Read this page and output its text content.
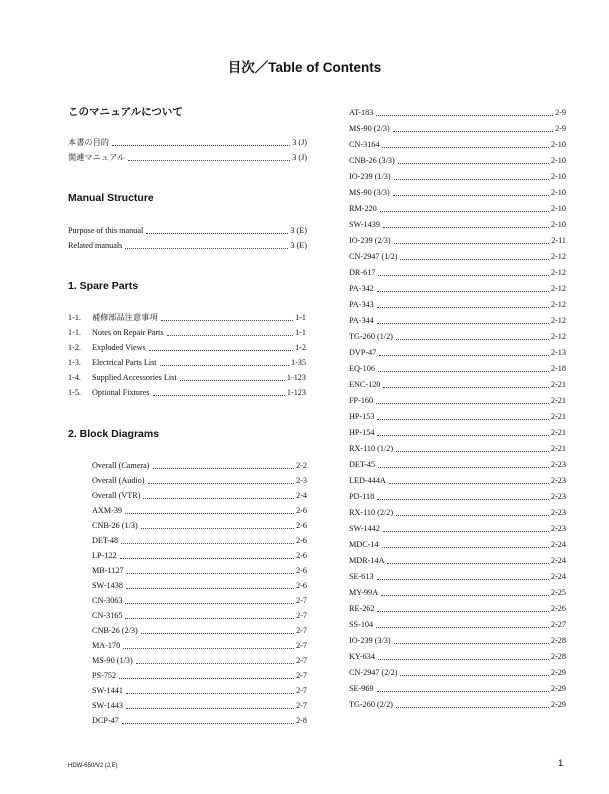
目次／Table of Contents
このマニュアルについて
本書の目的	3 (J)
関連マニュアル	3 (J)
Manual Structure
Purpose of this manual	3 (E)
Related manuals	3 (E)
1. Spare Parts
1-1.	補修部品注意事項	1-1
1-1.	Notes on Repair Parts	1-1
1-2.	Exploded Views	1-2
1-3.	Electrical Parts List	1-35
1-4.	Supplied Accessories List	1-123
1-5.	Optional Fixtures	1-123
2. Block Diagrams
Overall (Camera)	2-2
Overall (Audio)	2-3
Overall (VTR)	2-4
AXM-39	2-6
CNB-26 (1/3)	2-6
DET-48	2-6
LP-122	2-6
MB-1127	2-6
SW-1438	2-6
CN-3063	2-7
CN-3165	2-7
CNB-26 (2/3)	2-7
MA-170	2-7
MS-90 (1/3)	2-7
PS-752	2-7
SW-1441	2-7
SW-1443	2-7
DCP-47	2-8
AT-183	2-9
MS-90 (2/3)	2-9
CN-3164	2-10
CNB-26 (3/3)	2-10
IO-239 (1/3)	2-10
MS-90 (3/3)	2-10
RM-220	2-10
SW-1439	2-10
IO-239 (2/3)	2-11
CN-2947 (1/2)	2-12
DR-617	2-12
PA-342	2-12
PA-343	2-12
PA-344	2-12
TG-260 (1/2)	2-12
DVP-47	2-13
EQ-106	2-18
ENC-120	2-21
FP-160	2-21
HP-153	2-21
HP-154	2-21
RX-110 (1/2)	2-21
DET-45	2-23
LED-444A	2-23
PD-118	2-23
RX-110 (2/2)	2-23
SW-1442	2-23
MDC-14	2-24
MDR-14A	2-24
SE-613	2-24
MY-99A	2-25
RE-262	2-26
SS-104	2-27
IO-239 (3/3)	2-28
KY-634	2-28
CN-2947 (2/2)	2-29
SE-969	2-29
TG-260 (2/2)	2-29
HDW-650/V2 (J,E)	1
